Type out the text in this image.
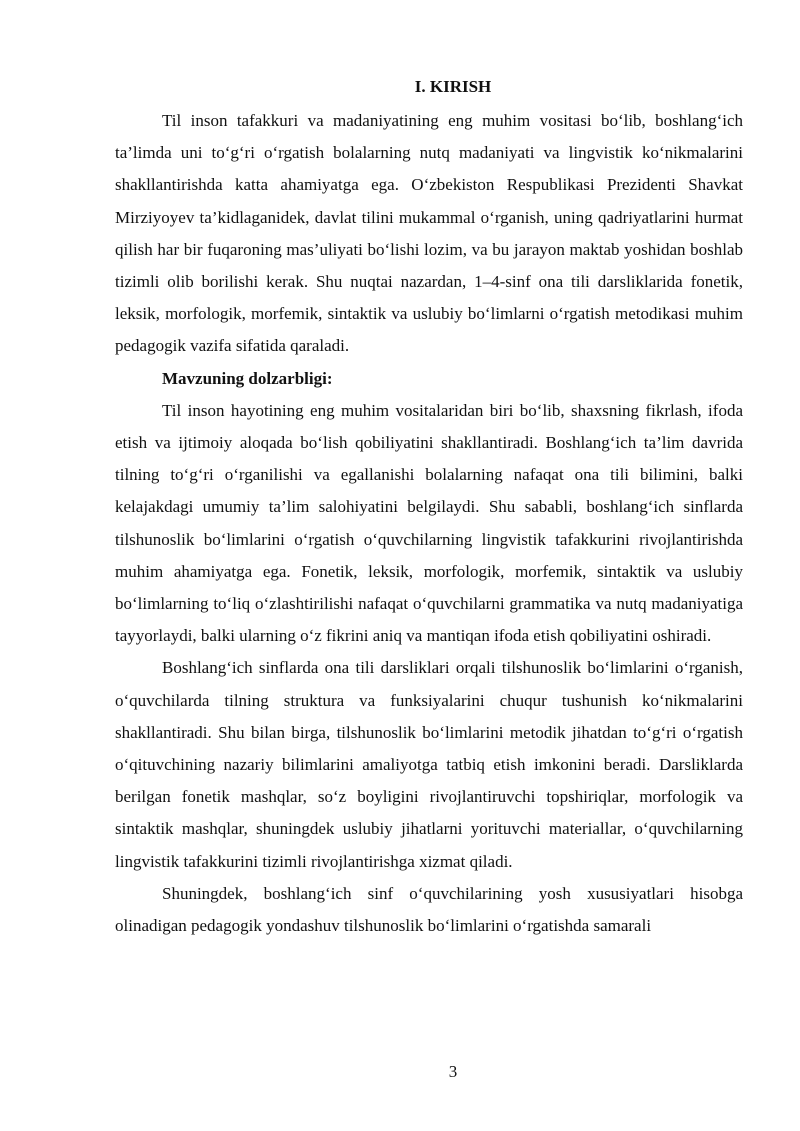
I. KIRISH

Til inson tafakkuri va madaniyatining eng muhim vositasi bo‘lib, boshlang‘ich ta’limda uni to‘g‘ri o‘rgatish bolalarning nutq madaniyati va lingvistik ko‘nikmalarini shakllantirishda katta ahamiyatga ega. O‘zbekiston Respublikasi Prezidenti Shavkat Mirziyoyev ta’kidlaganidek, davlat tilini mukammal o‘rganish, uning qadriyatlarini hurmat qilish har bir fuqaroning mas’uliyati bo‘lishi lozim, va bu jarayon maktab yoshidan boshlab tizimli olib borilishi kerak. Shu nuqtai nazardan, 1–4-sinf ona tili darsliklarida fonetik, leksik, morfologik, morfemik, sintaktik va uslubiy bo‘limlarni o‘rgatish metodikasi muhim pedagogik vazifa sifatida qaraladi.

Mavzuning dolzarbligi:

Til inson hayotining eng muhim vositalaridan biri bo‘lib, shaxsning fikrlash, ifoda etish va ijtimoiy aloqada bo‘lish qobiliyatini shakllantiradi. Boshlang‘ich ta’lim davrida tilning to‘g‘ri o‘rganilishi va egallanishi bolalarning nafaqat ona tili bilimini, balki kelajakdagi umumiy ta’lim salohiyatini belgilaydi. Shu sababli, boshlang‘ich sinflarda tilshunoslik bo‘limlarini o‘rgatish o‘quvchilarning lingvistik tafakkurini rivojlantirishda muhim ahamiyatga ega. Fonetik, leksik, morfologik, morfemik, sintaktik va uslubiy bo‘limlarning to‘liq o‘zlashtirilishi nafaqat o‘quvchilarni grammatika va nutq madaniyatiga tayyorlaydi, balki ularning o‘z fikrini aniq va mantiqan ifoda etish qobiliyatini oshiradi.

Boshlang‘ich sinflarda ona tili darsliklari orqali tilshunoslik bo‘limlarini o‘rganish, o‘quvchilarda tilning struktura va funksiyalarini chuqur tushunish ko‘nikmalarini shakllantiradi. Shu bilan birga, tilshunoslik bo‘limlarini metodik jihatdan to‘g‘ri o‘rgatish o‘qituvchining nazariy bilimlarini amaliyotga tatbiq etish imkonini beradi. Darsliklarda berilgan fonetik mashqlar, so‘z boyligini rivojlantiruvchi topshiriqlar, morfologik va sintaktik mashqlar, shuningdek uslubiy jihatlarni yorituvchi materiallar, o‘quvchilarning lingvistik tafakkurini tizimli rivojlantirishga xizmat qiladi.

Shuningdek, boshlang‘ich sinf o‘quvchilarining yosh xususiyatlari hisobga olinadigan pedagogik yondashuv tilshunoslik bo‘limlarini o‘rgatishda samarali

3
